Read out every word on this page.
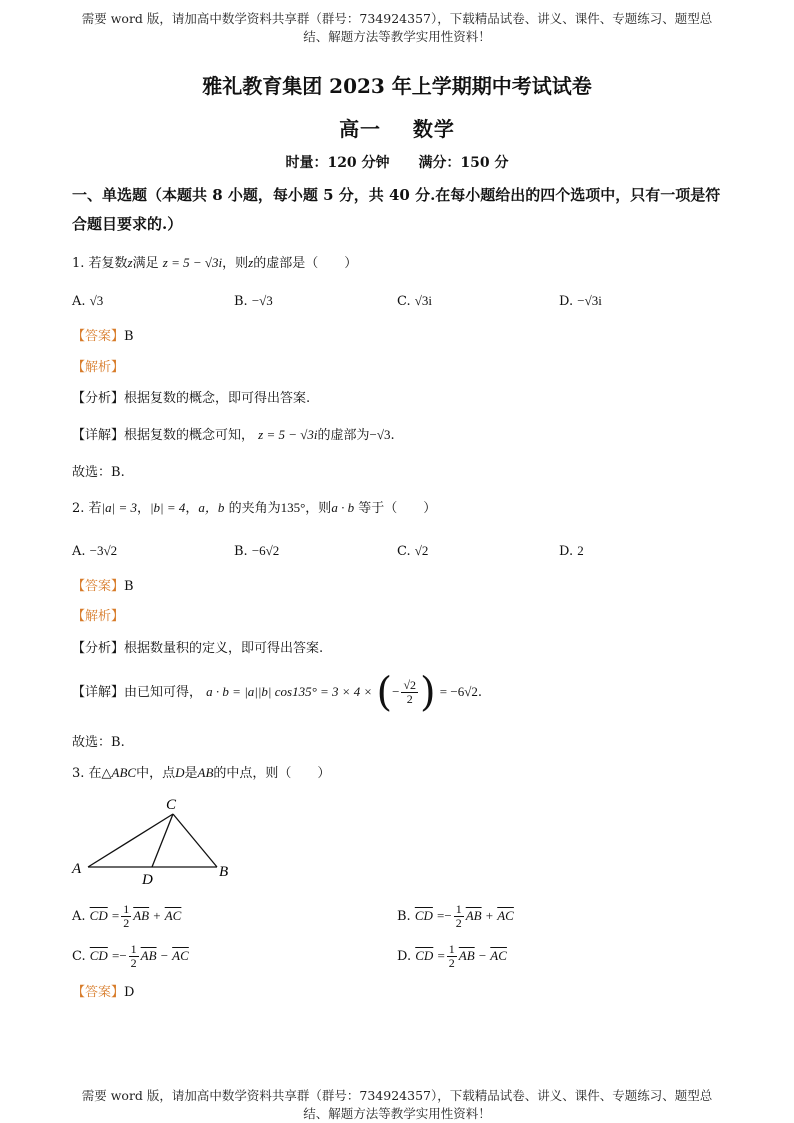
需要 word 版，请加高中数学资料共享群（群号：734924357），下载精品试卷、讲义、课件、专题练习、题型总
结、解题方法等教学实用性资料！
雅礼教育集团 2023 年上学期期中考试试卷
高一    数学
时量：120 分钟 满分：150 分
一、单选题（本题共 8 小题，每小题 5 分，共 40 分.在每小题给出的四个选项中，只有一项是符合题目要求的.）
1. 若复数z满足 z = 5 − √3i，则z的虚部是（　　）
A. √3	B. −√3	C. √3i	D. −√3i
【答案】B
【解析】
【分析】根据复数的概念，即可得出答案.
【详解】根据复数的概念可知， z = 5 − √3i的虚部为−√3.
故选：B.
2. 若|a| = 3，|b| = 4，a，b 的夹角为135°，则a · b 等于（　　）
A. −3√2	B. −6√2	C. √2	D. 2
【答案】B
【解析】
【分析】根据数量积的定义，即可得出答案.
【详解】由已知可得， a · b = |a||b| cos135° = 3 × 4 × (− $\frac{√2}{2}$ ) = −6√2.
故选：B.
3. 在△ABC中，点D是AB的中点，则（　　）
C
A	B
D
A. $\overline{CD} = \frac{1}{2} \overline{AB} + \overline{AC}$	B. $\overline{CD} =- \frac{1}{2} \overline{AB} + \overline{AC}$
C. $\overline{CD} =- \frac{1}{2} \overline{AB} - \overline{AC}$	D. $\overline{CD} = \frac{1}{2} \overline{AB} - \overline{AC}$
【答案】D
需要 word 版，请加高中数学资料共享群（群号：734924357），下载精品试卷、讲义、课件、专题练习、题型总
结、解题方法等教学实用性资料！
